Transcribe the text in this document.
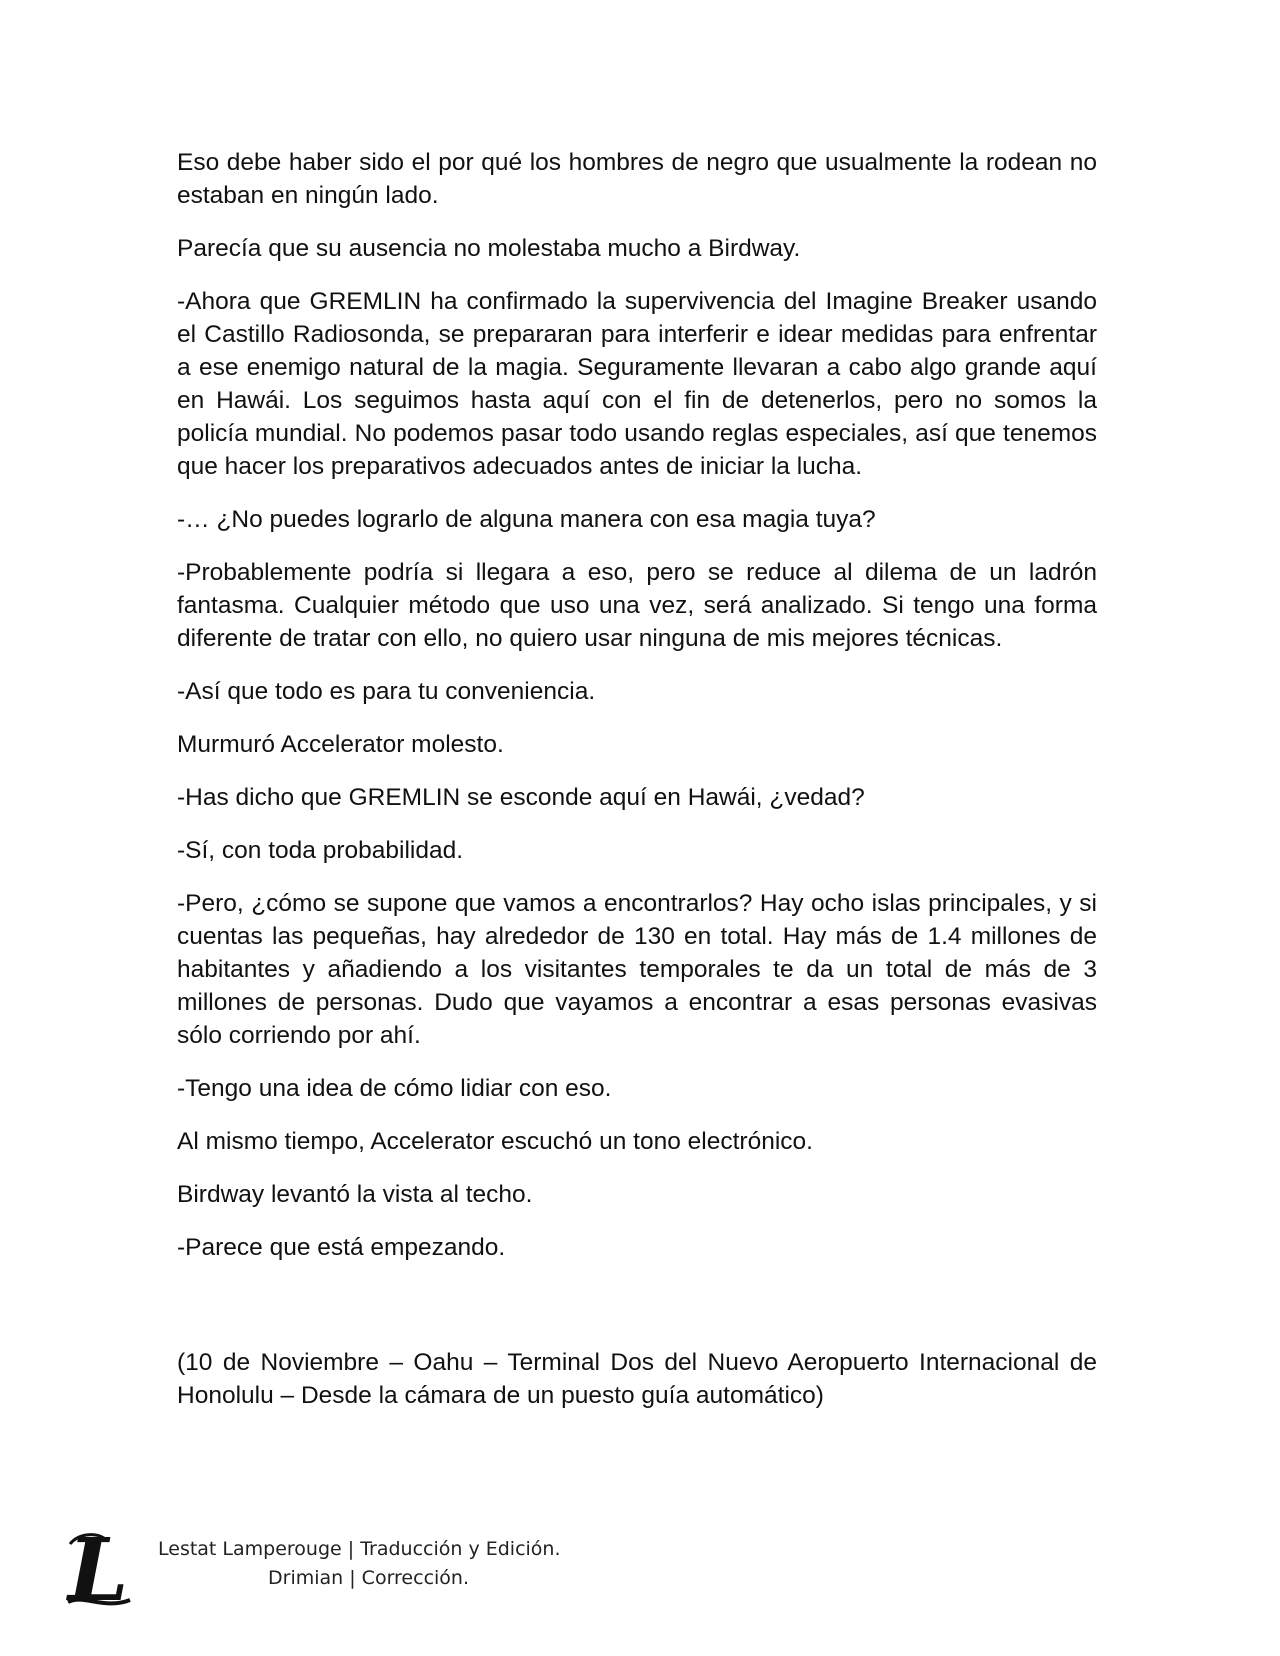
Eso debe haber sido el por qué los hombres de negro que usualmente la rodean no estaban en ningún lado.

Parecía que su ausencia no molestaba mucho a Birdway.

-Ahora que GREMLIN ha confirmado la supervivencia del Imagine Breaker usando el Castillo Radiosonda, se prepararan para interferir e idear medidas para enfrentar a ese enemigo natural de la magia. Seguramente llevaran a cabo algo grande aquí en Hawái. Los seguimos hasta aquí con el fin de detenerlos, pero no somos la policía mundial. No podemos pasar todo usando reglas especiales, así que tenemos que hacer los preparativos adecuados antes de iniciar la lucha.

-… ¿No puedes lograrlo de alguna manera con esa magia tuya?

-Probablemente podría si llegara a eso, pero se reduce al dilema de un ladrón fantasma. Cualquier método que uso una vez, será analizado. Si tengo una forma diferente de tratar con ello, no quiero usar ninguna de mis mejores técnicas.

-Así que todo es para tu conveniencia.

Murmuró Accelerator molesto.

-Has dicho que GREMLIN se esconde aquí en Hawái, ¿vedad?

-Sí, con toda probabilidad.

-Pero, ¿cómo se supone que vamos a encontrarlos? Hay ocho islas principales, y si cuentas las pequeñas, hay alrededor de 130 en total. Hay más de 1.4 millones de habitantes y añadiendo a los visitantes temporales te da un total de más de 3 millones de personas. Dudo que vayamos a encontrar a esas personas evasivas sólo corriendo por ahí.

-Tengo una idea de cómo lidiar con eso.

Al mismo tiempo, Accelerator escuchó un tono electrónico.

Birdway levantó la vista al techo.

-Parece que está empezando.

(10 de Noviembre – Oahu – Terminal Dos del Nuevo Aeropuerto Internacional de Honolulu – Desde la cámara de un puesto guía automático)

L Lestat Lamperouge | Traducción y Edición.
Drimian | Corrección.
